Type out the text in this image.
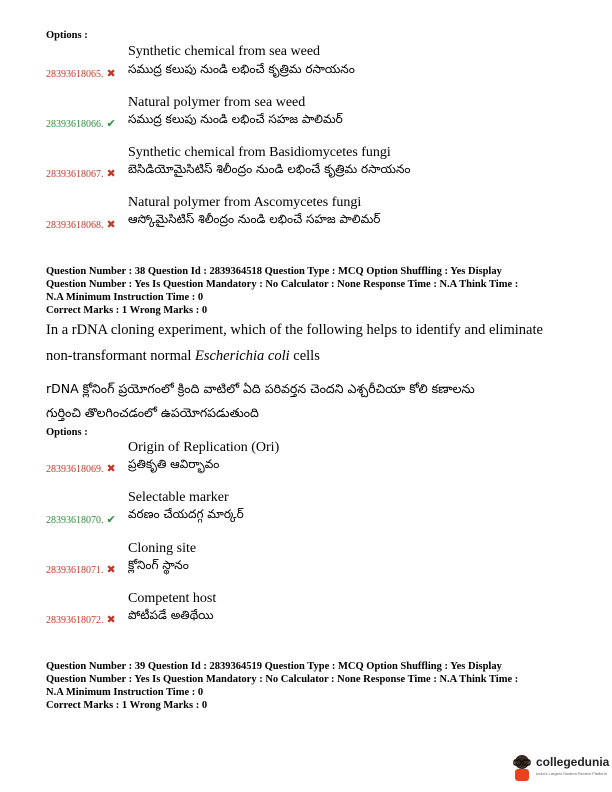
Options :
Synthetic chemical from sea weed
28393618065. ✖ సముద్ర కలుపు నుండి లభించే కృత్రిమ రసాయనం
Natural polymer from sea weed
28393618066. ✔ సముద్ర కలుపు నుండి లభించే సహజ పాలిమర్
Synthetic chemical from Basidiomycetes fungi
28393618067. ✖ బెసిడియోమైసిటిస్ శిలీంద్రం నుండి లభించే కృత్రిమ రసాయనం
Natural polymer from Ascomycetes fungi
28393618068. ✖ ఆస్కోమైసిటిస్ శిలీంద్రం నుండి లభించే సహజ పాలిమర్
Question Number : 38 Question Id : 2839364518 Question Type : MCQ Option Shuffling : Yes Display
Question Number : Yes Is Question Mandatory : No Calculator : None Response Time : N.A Think Time :
N.A Minimum Instruction Time : 0
Correct Marks : 1 Wrong Marks : 0
In a rDNA cloning experiment, which of the following helps to identify and eliminate
non-transformant normal Escherichia coli cells
rDNA క్లోనింగ్ ప్రయోగంలో క్రింది వాటిలో ఏది పరివర్తన చెందని ఎశ్చరీచియా కోలి కణాలను
గుర్తించి తొలగించడంలో ఉపయోగపడుతుంది
Options :
Origin of Replication (Ori)
28393618069. ✖ ప్రతికృతి ఆవిర్భావం
Selectable marker
28393618070. ✔ వరణం చేయదగ్గ మార్కర్
Cloning site
28393618071. ✖ క్లోనింగ్ స్థానం
Competent host
28393618072. ✖ పోటీపడే అతిథేయి
Question Number : 39 Question Id : 2839364519 Question Type : MCQ Option Shuffling : Yes Display
Question Number : Yes Is Question Mandatory : No Calculator : None Response Time : N.A Think Time :
N.A Minimum Instruction Time : 0
Correct Marks : 1 Wrong Marks : 0
collegedunia
India's Largest Student Review Platform
